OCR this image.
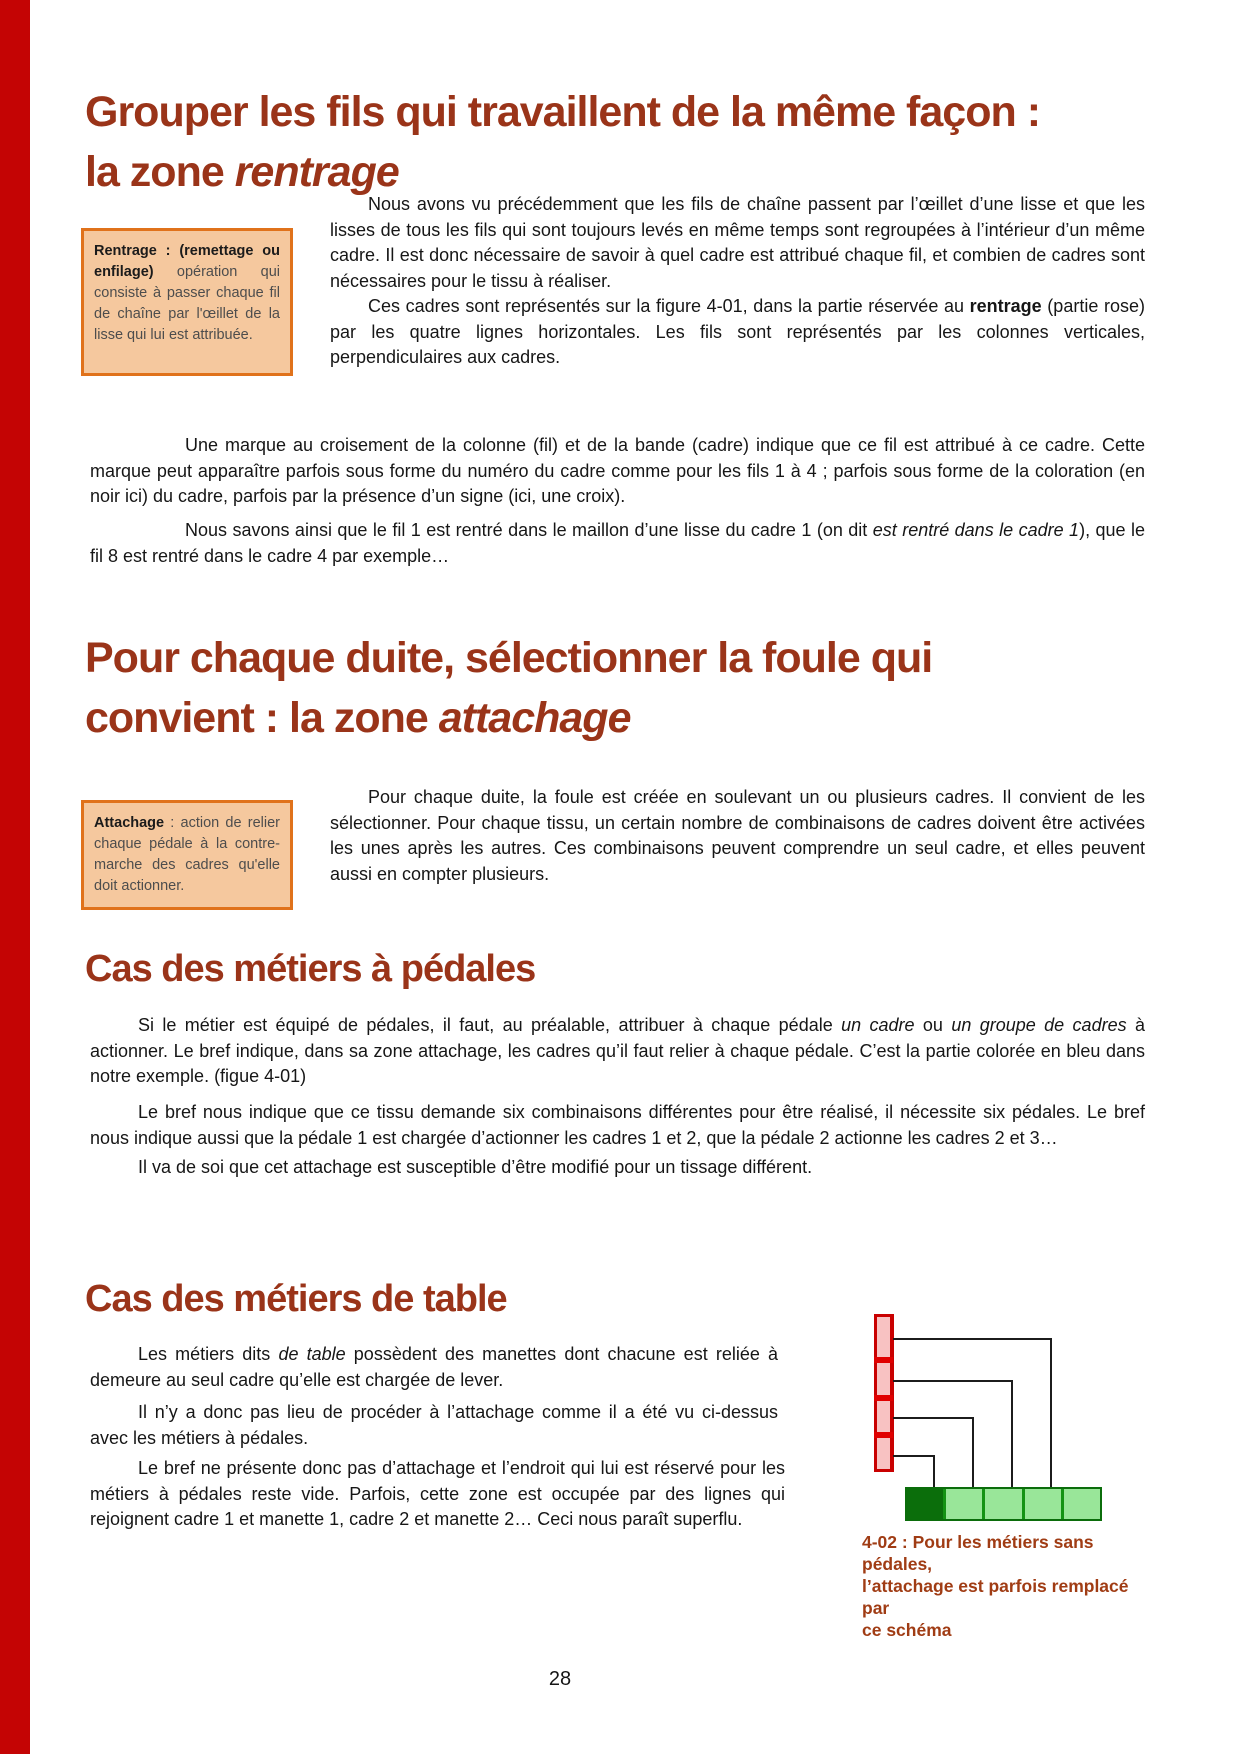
Grouper les fils qui travaillent de la même façon :
la zone rentrage
Rentrage : (remettage ou enfilage) opération qui consiste à passer chaque fil de chaîne par l'œillet de la lisse qui lui est attribuée.

Nous avons vu précédemment que les fils de chaîne passent par l’œillet d’une lisse et que les lisses de tous les fils qui sont toujours levés en même temps sont regroupées à l’intérieur d’un même cadre. Il est donc nécessaire de savoir à quel cadre est attribué chaque fil, et combien de cadres sont nécessaires pour le tissu à réaliser.

Ces cadres sont représentés sur la figure 4-01, dans la partie réservée au rentrage (partie rose) par les quatre lignes horizontales. Les fils sont représentés par les colonnes verticales, perpendiculaires aux cadres.

Une marque au croisement de la colonne (fil) et de la bande (cadre) indique que ce fil est attribué à ce cadre. Cette marque peut apparaître parfois sous forme du numéro du cadre comme pour les fils 1 à 4 ; parfois sous forme de la coloration (en noir ici) du cadre, parfois par la présence d’un signe (ici, une croix).

Nous savons ainsi que le fil 1 est rentré dans le maillon d’une lisse du cadre 1 (on dit est rentré dans le cadre 1), que le fil 8 est rentré dans le cadre 4 par exemple…

Pour chaque duite, sélectionner la foule qui
convient : la zone attachage
Attachage : action de relier chaque pédale à la contre-marche des cadres qu'elle doit actionner.

Pour chaque duite, la foule est créée en soulevant un ou plusieurs cadres. Il convient de les sélectionner. Pour chaque tissu, un certain nombre de combinaisons de cadres doivent être activées les unes après les autres. Ces combinaisons peuvent comprendre un seul cadre, et elles peuvent aussi en compter plusieurs.

Cas des métiers à pédales

Si le métier est équipé de pédales, il faut, au préalable, attribuer à chaque pédale un cadre ou un groupe de cadres à actionner. Le bref indique, dans sa zone attachage, les cadres qu’il faut relier à chaque pédale. C’est la partie colorée en bleu dans notre exemple. (figue 4-01)

Le bref nous indique que ce tissu demande six combinaisons différentes pour être réalisé, il nécessite six pédales. Le bref nous indique aussi que la pédale 1 est chargée d’actionner les cadres 1 et 2, que la pédale 2 actionne les cadres 2 et 3…

Il va de soi que cet attachage est susceptible d’être modifié pour un tissage différent.

Cas des métiers de table

Les métiers dits de table possèdent des manettes dont chacune est reliée à demeure au seul cadre qu’elle est chargée de lever.

Il n’y a donc pas lieu de procéder à l’attachage comme il a été vu ci-dessus avec les métiers à pédales.

Le bref ne présente donc pas d’attachage et l’endroit qui lui est réservé pour les métiers à pédales reste vide. Parfois, cette zone est occupée par des lignes qui rejoignent cadre 1 et manette 1, cadre 2 et manette 2… Ceci nous paraît superflu.

4-02 : Pour les métiers sans pédales,
l’attachage est parfois remplacé par
ce schéma

28
